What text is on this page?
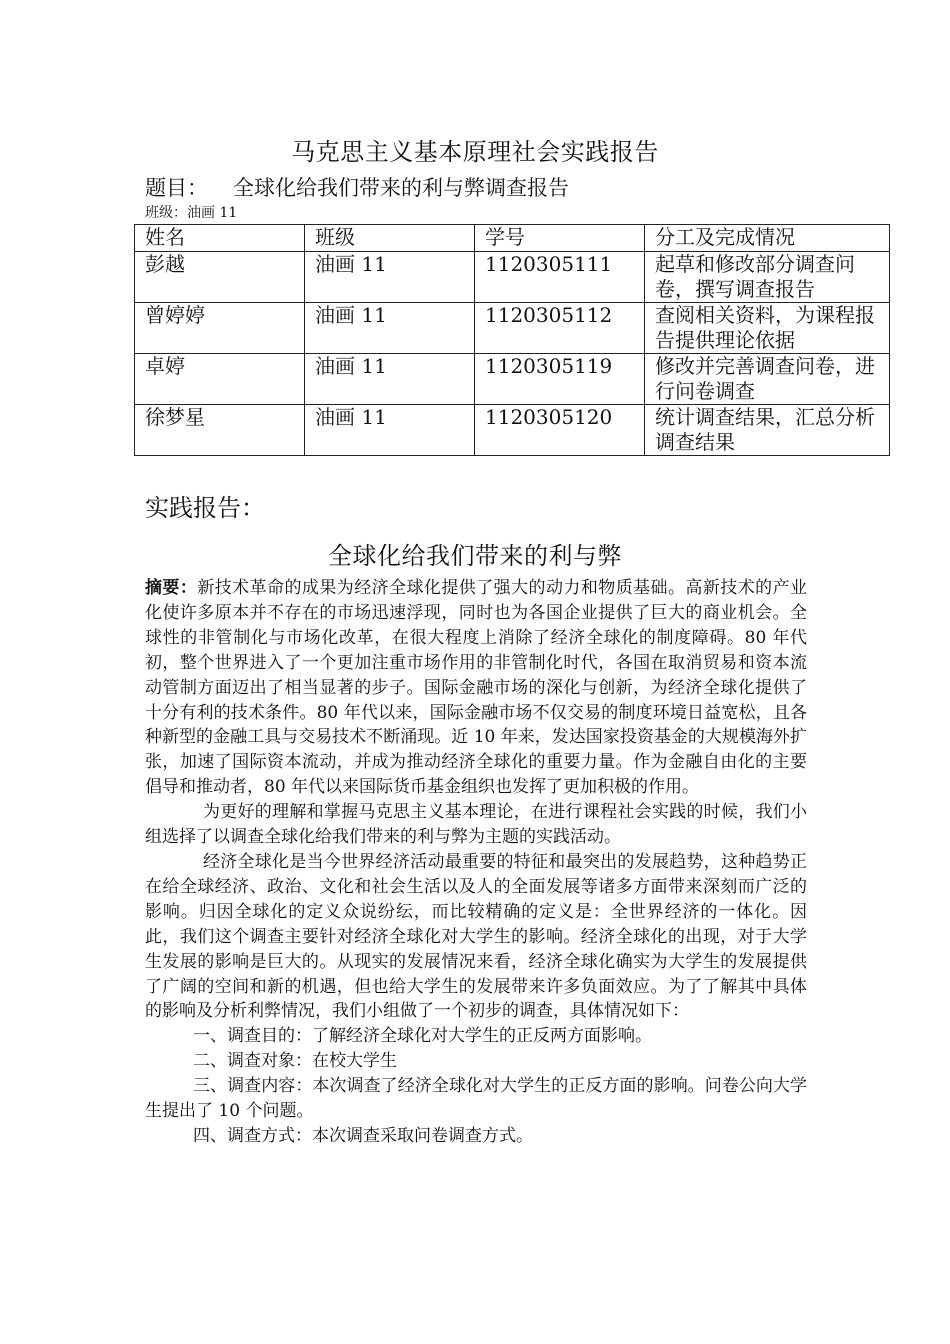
马克思主义基本原理社会实践报告
题目： 全球化给我们带来的利与弊调查报告
班级：油画 11
姓名	班级	学号	分工及完成情况
彭越	油画 11	1120305111	起草和修改部分调查问卷，撰写调查报告
曾婷婷	油画 11	1120305112	查阅相关资料，为课程报告提供理论依据
卓婷	油画 11	1120305119	修改并完善调查问卷，进行问卷调查
徐梦星	油画 11	1120305120	统计调查结果，汇总分析调查结果
实践报告：
全球化给我们带来的利与弊

摘要：新技术革命的成果为经济全球化提供了强大的动力和物质基础。高新技术的产业化使许多原本并不存在的市场迅速浮现，同时也为各国企业提供了巨大的商业机会。全球性的非管制化与市场化改革，在很大程度上消除了经济全球化的制度障碍。80 年代初，整个世界进入了一个更加注重市场作用的非管制化时代，各国在取消贸易和资本流动管制方面迈出了相当显著的步子。国际金融市场的深化与创新，为经济全球化提供了十分有利的技术条件。80 年代以来，国际金融市场不仅交易的制度环境日益宽松，且各种新型的金融工具与交易技术不断涌现。近 10 年来，发达国家投资基金的大规模海外扩张，加速了国际资本流动，并成为推动经济全球化的重要力量。作为金融自由化的主要倡导和推动者，80 年代以来国际货币基金组织也发挥了更加积极的作用。

为更好的理解和掌握马克思主义基本理论，在进行课程社会实践的时候，我们小组选择了以调查全球化给我们带来的利与弊为主题的实践活动。

经济全球化是当今世界经济活动最重要的特征和最突出的发展趋势，这种趋势正在给全球经济、政治、文化和社会生活以及人的全面发展等诸多方面带来深刻而广泛的影响。归因全球化的定义众说纷纭，而比较精确的定义是：全世界经济的一体化。因此，我们这个调查主要针对经济全球化对大学生的影响。经济全球化的出现，对于大学生发展的影响是巨大的。从现实的发展情况来看，经济全球化确实为大学生的发展提供了广阔的空间和新的机遇，但也给大学生的发展带来许多负面效应。为了了解其中具体的影响及分析利弊情况，我们小组做了一个初步的调查，具体情况如下：

一、调查目的：了解经济全球化对大学生的正反两方面影响。

二、调查对象：在校大学生

三、调查内容：本次调查了经济全球化对大学生的正反方面的影响。问卷公向大学生提出了 10 个问题。

四、调查方式：本次调查采取问卷调查方式。
